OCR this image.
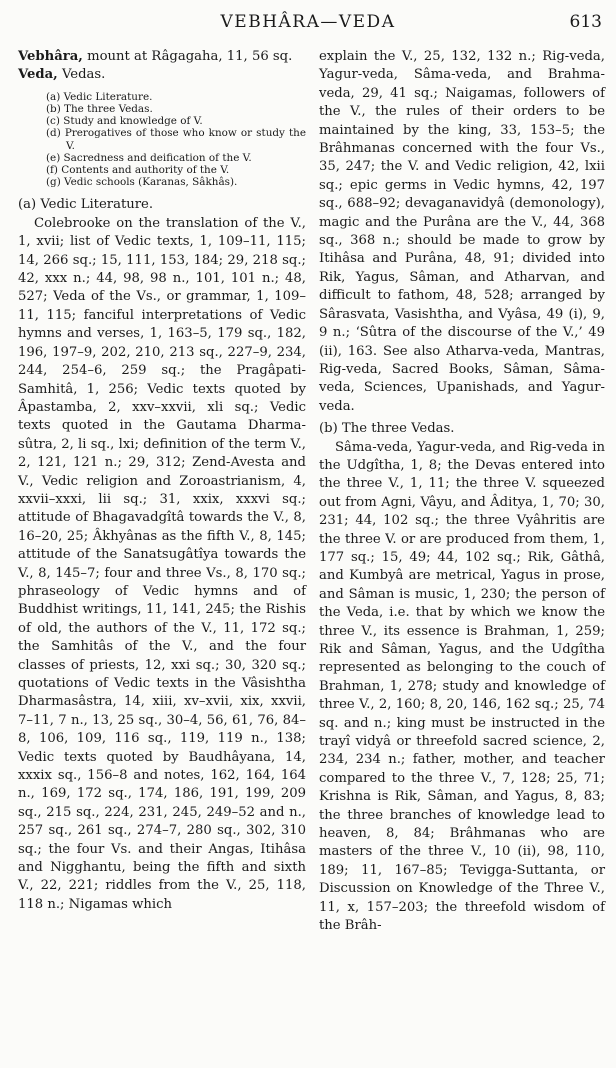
VEBHÂRA—VEDA	613

Vebhâra, mount at Râgagaha, 11, 56 sq.

Veda, Vedas.

(a) Vedic Literature.
(b) The three Vedas.
(c) Study and knowledge of V.
(d) Prerogatives of those who know or study the V.
(e) Sacredness and deification of the V.
(f) Contents and authority of the V.
(g) Vedic schools (Karanas, Sâkhâs).

(a) Vedic Literature.

Colebrooke on the translation of the V., 1, xvii; list of Vedic texts, 1, 109–11, 115; 14, 266 sq.; 15, 111, 153, 184; 29, 218 sq.; 42, xxx n.; 44, 98, 98 n., 101, 101 n.; 48, 527; Veda of the Vs., or grammar, 1, 109–11, 115; fanciful interpretations of Vedic hymns and verses, 1, 163–5, 179 sq., 182, 196, 197–9, 202, 210, 213 sq., 227–9, 234, 244, 254–6, 259 sq.; the Pragâpati-Samhitâ, 1, 256; Vedic texts quoted by Âpastamba, 2, xxv–xxvii, xli sq.; Vedic texts quoted in the Gautama Dharma-sûtra, 2, li sq., lxi; definition of the term V., 2, 121, 121 n.; 29, 312; Zend-Avesta and V., Vedic religion and Zoroastrianism, 4, xxvii–xxxi, lii sq.; 31, xxix, xxxvi sq.; attitude of Bhagavadgîtâ towards the V., 8, 16–20, 25; Âkhyânas as the fifth V., 8, 145; attitude of the Sanatsugâtîya towards the V., 8, 145–7; four and three Vs., 8, 170 sq.; phraseology of Vedic hymns and of Buddhist writings, 11, 141, 245; the Rishis of old, the authors of the V., 11, 172 sq.; the Samhitâs of the V., and the four classes of priests, 12, xxi sq.; 30, 320 sq.; quotations of Vedic texts in the Vâsishtha Dharmasâstra, 14, xiii, xv–xvii, xix, xxvii, 7–11, 7 n., 13, 25 sq., 30–4, 56, 61, 76, 84–8, 106, 109, 116 sq., 119, 119 n., 138; Vedic texts quoted by Baudhâyana, 14, xxxix sq., 156–8 and notes, 162, 164, 164 n., 169, 172 sq., 174, 186, 191, 199, 209 sq., 215 sq., 224, 231, 245, 249–52 and n., 257 sq., 261 sq., 274–7, 280 sq., 302, 310 sq.; the four Vs. and their Angas, Itihâsa and Nigghantu, being the fifth and sixth V., 22, 221; riddles from the V., 25, 118, 118 n.; Nigamas which

explain the V., 25, 132, 132 n.; Rig-veda, Yagur-veda, Sâma-veda, and Brahma-veda, 29, 41 sq.; Naigamas, followers of the V., the rules of their orders to be maintained by the king, 33, 153–5; the Brâhmanas concerned with the four Vs., 35, 247; the V. and Vedic religion, 42, lxii sq.; epic germs in Vedic hymns, 42, 197 sq., 688–92; devaganavidyâ (demonology), magic and the Purâna are the V., 44, 368 sq., 368 n.; should be made to grow by Itihâsa and Purâna, 48, 91; divided into Rik, Yagus, Sâman, and Atharvan, and difficult to fathom, 48, 528; arranged by Sârasvata, Vasishtha, and Vyâsa, 49 (i), 9, 9 n.; ‘Sûtra of the discourse of the V.,’ 49 (ii), 163. See also Atharva-veda, Mantras, Rig-veda, Sacred Books, Sâman, Sâma-veda, Sciences, Upanishads, and Yagur-veda.

(b) The three Vedas.

Sâma-veda, Yagur-veda, and Rig-veda in the Udgîtha, 1, 8; the Devas entered into the three V., 1, 11; the three V. squeezed out from Agni, Vâyu, and Âditya, 1, 70; 30, 231; 44, 102 sq.; the three Vyâhritis are the three V. or are produced from them, 1, 177 sq.; 15, 49; 44, 102 sq.; Rik, Gâthâ, and Kumbyâ are metrical, Yagus in prose, and Sâman is music, 1, 230; the person of the Veda, i.e. that by which we know the three V., its essence is Brahman, 1, 259; Rik and Sâman, Yagus, and the Udgîtha represented as belonging to the couch of Brahman, 1, 278; study and knowledge of three V., 2, 160; 8, 20, 146, 162 sq.; 25, 74 sq. and n.; king must be instructed in the trayî vidyâ or threefold sacred science, 2, 234, 234 n.; father, mother, and teacher compared to the three V., 7, 128; 25, 71; Krishna is Rik, Sâman, and Yagus, 8, 83; the three branches of knowledge lead to heaven, 8, 84; Brâhmanas who are masters of the three V., 10 (ii), 98, 110, 189; 11, 167–85; Tevigga-Suttanta, or Discussion on Knowledge of the Three V., 11, x, 157–203; the threefold wisdom of the Brâh-
